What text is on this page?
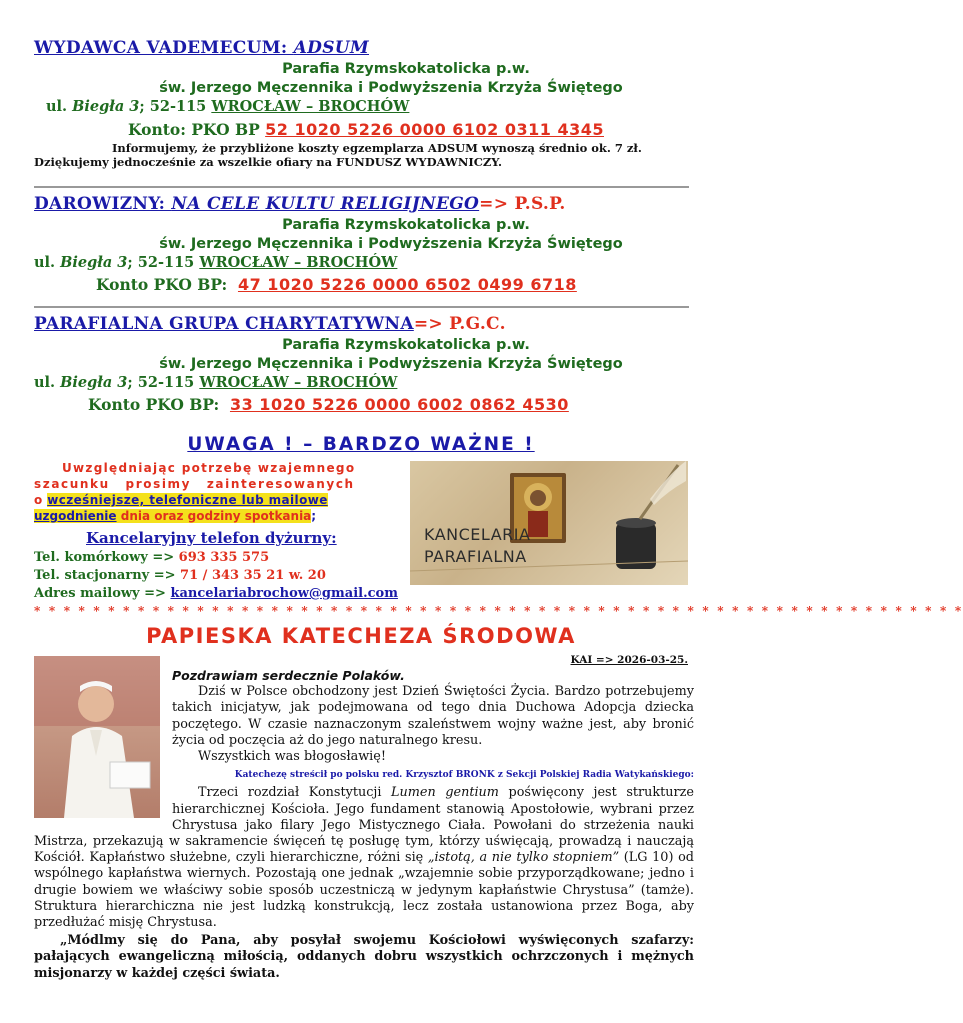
WYDAWCA VADEMECUM: ADSUM
Parafia Rzymskokatolicka p.w.
św. Jerzego Męczennika i Podwyższenia Krzyża Świętego
ul. Biegła 3; 52-115 WROCŁAW – BROCHÓW
Konto: PKO BP 52 1020 5226 0000 6102 0311 4345
Informujemy, że przybliżone koszty egzemplarza ADSUM wynoszą średnio ok. 7 zł.
Dziękujemy jednocześnie za wszelkie ofiary na FUNDUSZ WYDAWNICZY.
DAROWIZNY: NA CELE KULTU RELIGIJNEGO=> P.S.P.
Parafia Rzymskokatolicka p.w.
św. Jerzego Męczennika i Podwyższenia Krzyża Świętego
ul. Biegła 3; 52-115 WROCŁAW – BROCHÓW
Konto PKO BP: 47 1020 5226 0000 6502 0499 6718
PARAFIALNA GRUPA CHARYTATYWNA=> P.G.C.
Parafia Rzymskokatolicka p.w.
św. Jerzego Męczennika i Podwyższenia Krzyża Świętego
ul. Biegła 3; 52-115 WROCŁAW – BROCHÓW
Konto PKO BP: 33 1020 5226 0000 6002 0862 4530
UWAGA ! – BARDZO WAŻNE !
Uwzględniając potrzebę wzajemnego
szacunku prosimy zainteresowanych
o wcześniejsze, telefoniczne lub mailowe
uzgodnienie dnia oraz godziny spotkania;
Kancelaryjny telefon dyżurny:
Tel. komórkowy => 693 335 575
Tel. stacjonarny => 71 / 343 35 21 w. 20
Adres mailowy => kancelariabrochow@gmail.com
KANCELARIA
PARAFIALNA
* * * * * * * * * * * * * * * * * * * * * * * * * * * * * * * * * * * * * * * * * * * * * * * * * * * * * * * * * * * * * * *
PAPIESKA KATECHEZA ŚRODOWA
KAI => 2026-03-25.
Pozdrawiam serdecznie Polaków.
Dziś w Polsce obchodzony jest Dzień Świętości Życia. Bardzo potrzebujemy takich inicjatyw, jak podejmowana od tego dnia Duchowa Adopcja dziecka poczętego. W czasie naznaczonym szaleństwem wojny ważne jest, aby bronić życia od poczęcia aż do jego naturalnego kresu.
Wszystkich was błogosławię!
Katechezę streścił po polsku red. Krzysztof BRONK z Sekcji Polskiej Radia Watykańskiego:
Trzeci rozdział Konstytucji Lumen gentium poświęcony jest strukturze hierarchicznej Kościoła. Jego fundament stanowią Apostołowie, wybrani przez Chrystusa jako filary Jego Mistycznego Ciała. Powołani do strzeżenia nauki Mistrza, przekazują w sakramencie święceń tę posługę tym, którzy uświęcają, prowadzą i nauczają Kościół. Kapłaństwo służebne, czyli hierarchiczne, różni się „istotą, a nie tylko stopniem” (LG 10) od wspólnego kapłaństwa wiernych. Pozostają one jednak „wzajemnie sobie przyporządkowane; jedno i drugie bowiem we właściwy sobie sposób uczestniczą w jedynym kapłaństwie Chrystusa” (tamże). Struktura hierarchiczna nie jest ludzką konstrukcją, lecz została ustanowiona przez Boga, aby przedłużać misję Chrystusa.
„Módlmy się do Pana, aby posyłał swojemu Kościołowi wyświęconych szafarzy: pałających ewangeliczną miłością, oddanych dobru wszystkich ochrzczonych i mężnych misjonarzy w każdej części świata.
